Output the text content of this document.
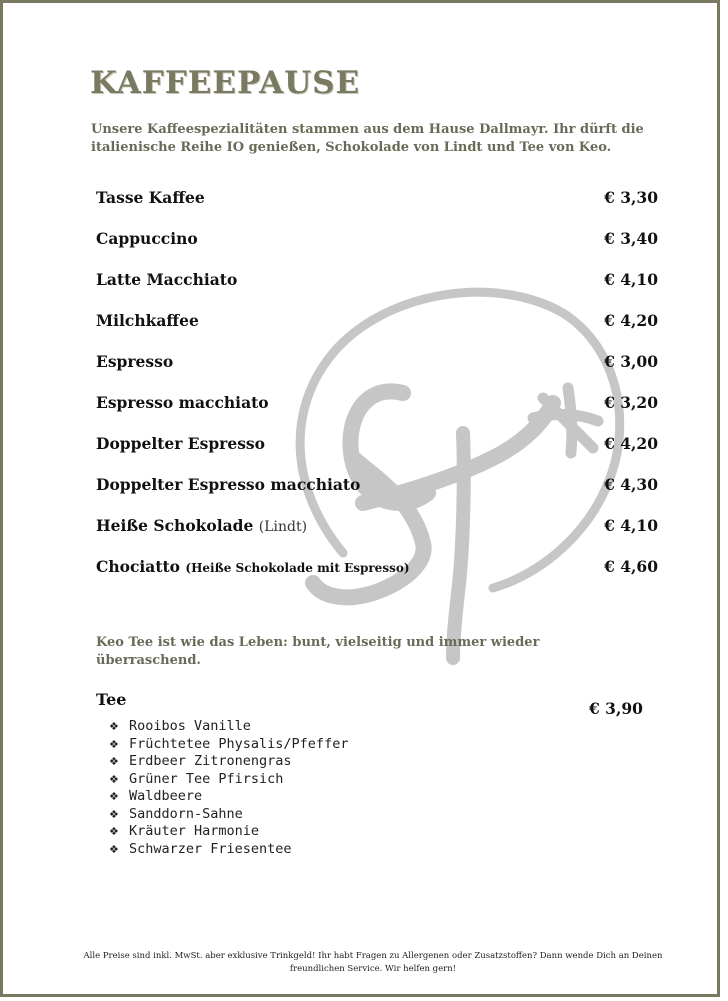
KAFFEEPAUSE
Unsere Kaffeespezialitäten stammen aus dem Hause Dallmayr. Ihr dürft die italienische Reihe IO genießen, Schokolade von Lindt und Tee von Keo.
Tasse Kaffee	€ 3,30
Cappuccino	€ 3,40
Latte Macchiato	€ 4,10
Milchkaffee	€ 4,20
Espresso	€ 3,00
Espresso macchiato	€ 3,20
Doppelter Espresso	€ 4,20
Doppelter Espresso macchiato	€ 4,30
Heiße Schokolade (Lindt)	€ 4,10
Chociatto (Heiße Schokolade mit Espresso)	€ 4,60
Keo Tee ist wie das Leben: bunt, vielseitig und immer wieder überraschend.
Tee	€ 3,90
❖ Rooibos Vanille
❖ Früchtetee Physalis/Pfeffer
❖ Erdbeer Zitronengras
❖ Grüner Tee Pfirsich
❖ Waldbeere
❖ Sanddorn-Sahne
❖ Kräuter Harmonie
❖ Schwarzer Friesentee
Alle Preise sind inkl. MwSt. aber exklusive Trinkgeld! Ihr habt Fragen zu Allergenen oder Zusatzstoffen? Dann wende Dich an Deinen freundlichen Service. Wir helfen gern!
